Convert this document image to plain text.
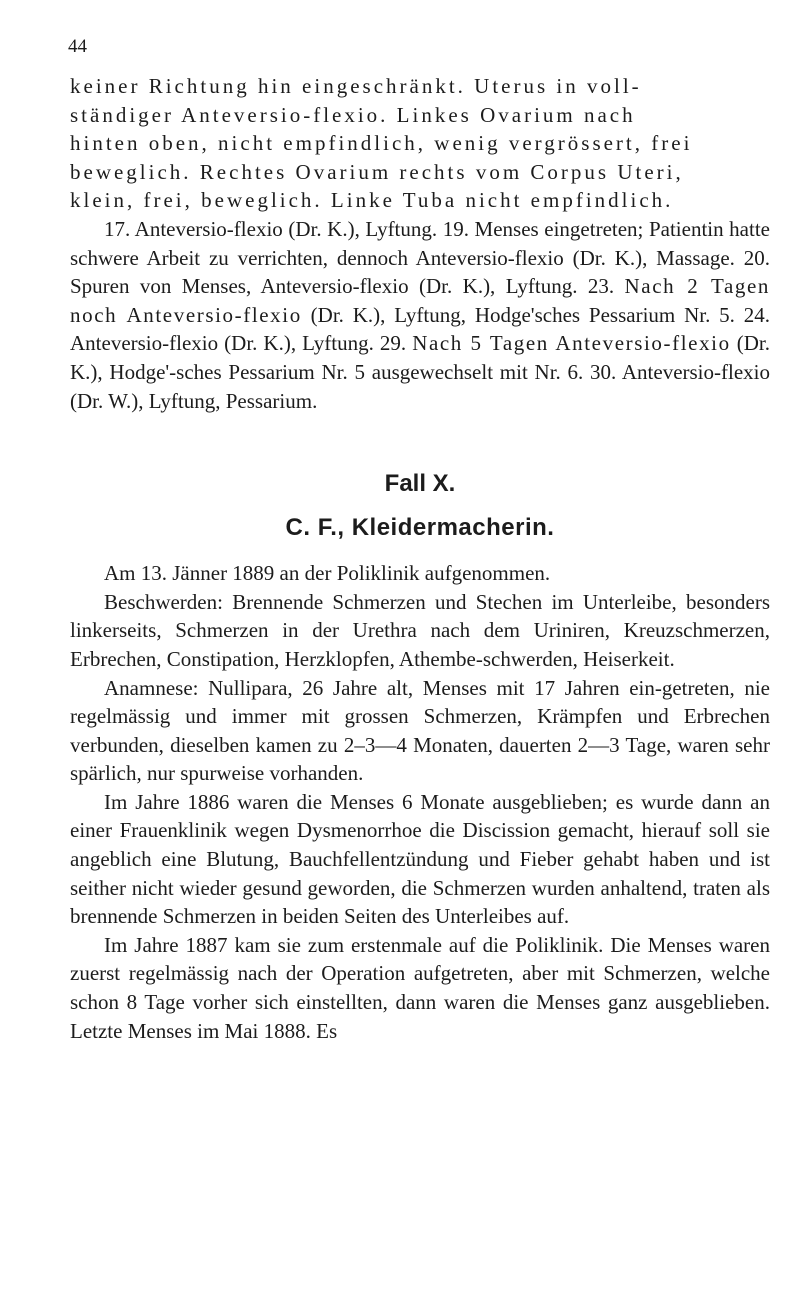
44
keiner Richtung hin eingeschränkt. Uterus in voll-
ständiger Anteversio-flexio. Linkes Ovarium nach
hinten oben, nicht empfindlich, wenig vergrössert, frei
beweglich. Rechtes Ovarium rechts vom Corpus Uteri,
klein, frei, beweglich. Linke Tuba nicht empfindlich.

17. Anteversio-flexio (Dr. K.), Lyftung. 19. Menses eingetreten; Patientin hatte schwere Arbeit zu verrichten, dennoch Anteversio-flexio (Dr. K.), Massage. 20. Spuren von Menses, Anteversio-flexio (Dr. K.), Lyftung. 23. Nach 2 Tagen noch Anteversio-flexio (Dr. K.), Lyftung, Hodge'sches Pessarium Nr. 5. 24. Anteversio-flexio (Dr. K.), Lyftung. 29. Nach 5 Tagen Anteversio-flexio (Dr. K.), Hodge'-sches Pessarium Nr. 5 ausgewechselt mit Nr. 6. 30. Anteversio-flexio (Dr. W.), Lyftung, Pessarium.

Fall X.
C. F., Kleidermacherin.

Am 13. Jänner 1889 an der Poliklinik aufgenommen.

Beschwerden: Brennende Schmerzen und Stechen im Unterleibe, besonders linkerseits, Schmerzen in der Urethra nach dem Uriniren, Kreuzschmerzen, Erbrechen, Constipation, Herzklopfen, Athembe-schwerden, Heiserkeit.

Anamnese: Nullipara, 26 Jahre alt, Menses mit 17 Jahren ein-getreten, nie regelmässig und immer mit grossen Schmerzen, Krämpfen und Erbrechen verbunden, dieselben kamen zu 2–3—4 Monaten, dauerten 2—3 Tage, waren sehr spärlich, nur spurweise vorhanden.

Im Jahre 1886 waren die Menses 6 Monate ausgeblieben; es wurde dann an einer Frauenklinik wegen Dysmenorrhoe die Discission gemacht, hierauf soll sie angeblich eine Blutung, Bauchfellentzündung und Fieber gehabt haben und ist seither nicht wieder gesund geworden, die Schmerzen wurden anhaltend, traten als brennende Schmerzen in beiden Seiten des Unterleibes auf.

Im Jahre 1887 kam sie zum erstenmale auf die Poliklinik. Die Menses waren zuerst regelmässig nach der Operation aufgetreten, aber mit Schmerzen, welche schon 8 Tage vorher sich einstellten, dann waren die Menses ganz ausgeblieben. Letzte Menses im Mai 1888. Es
